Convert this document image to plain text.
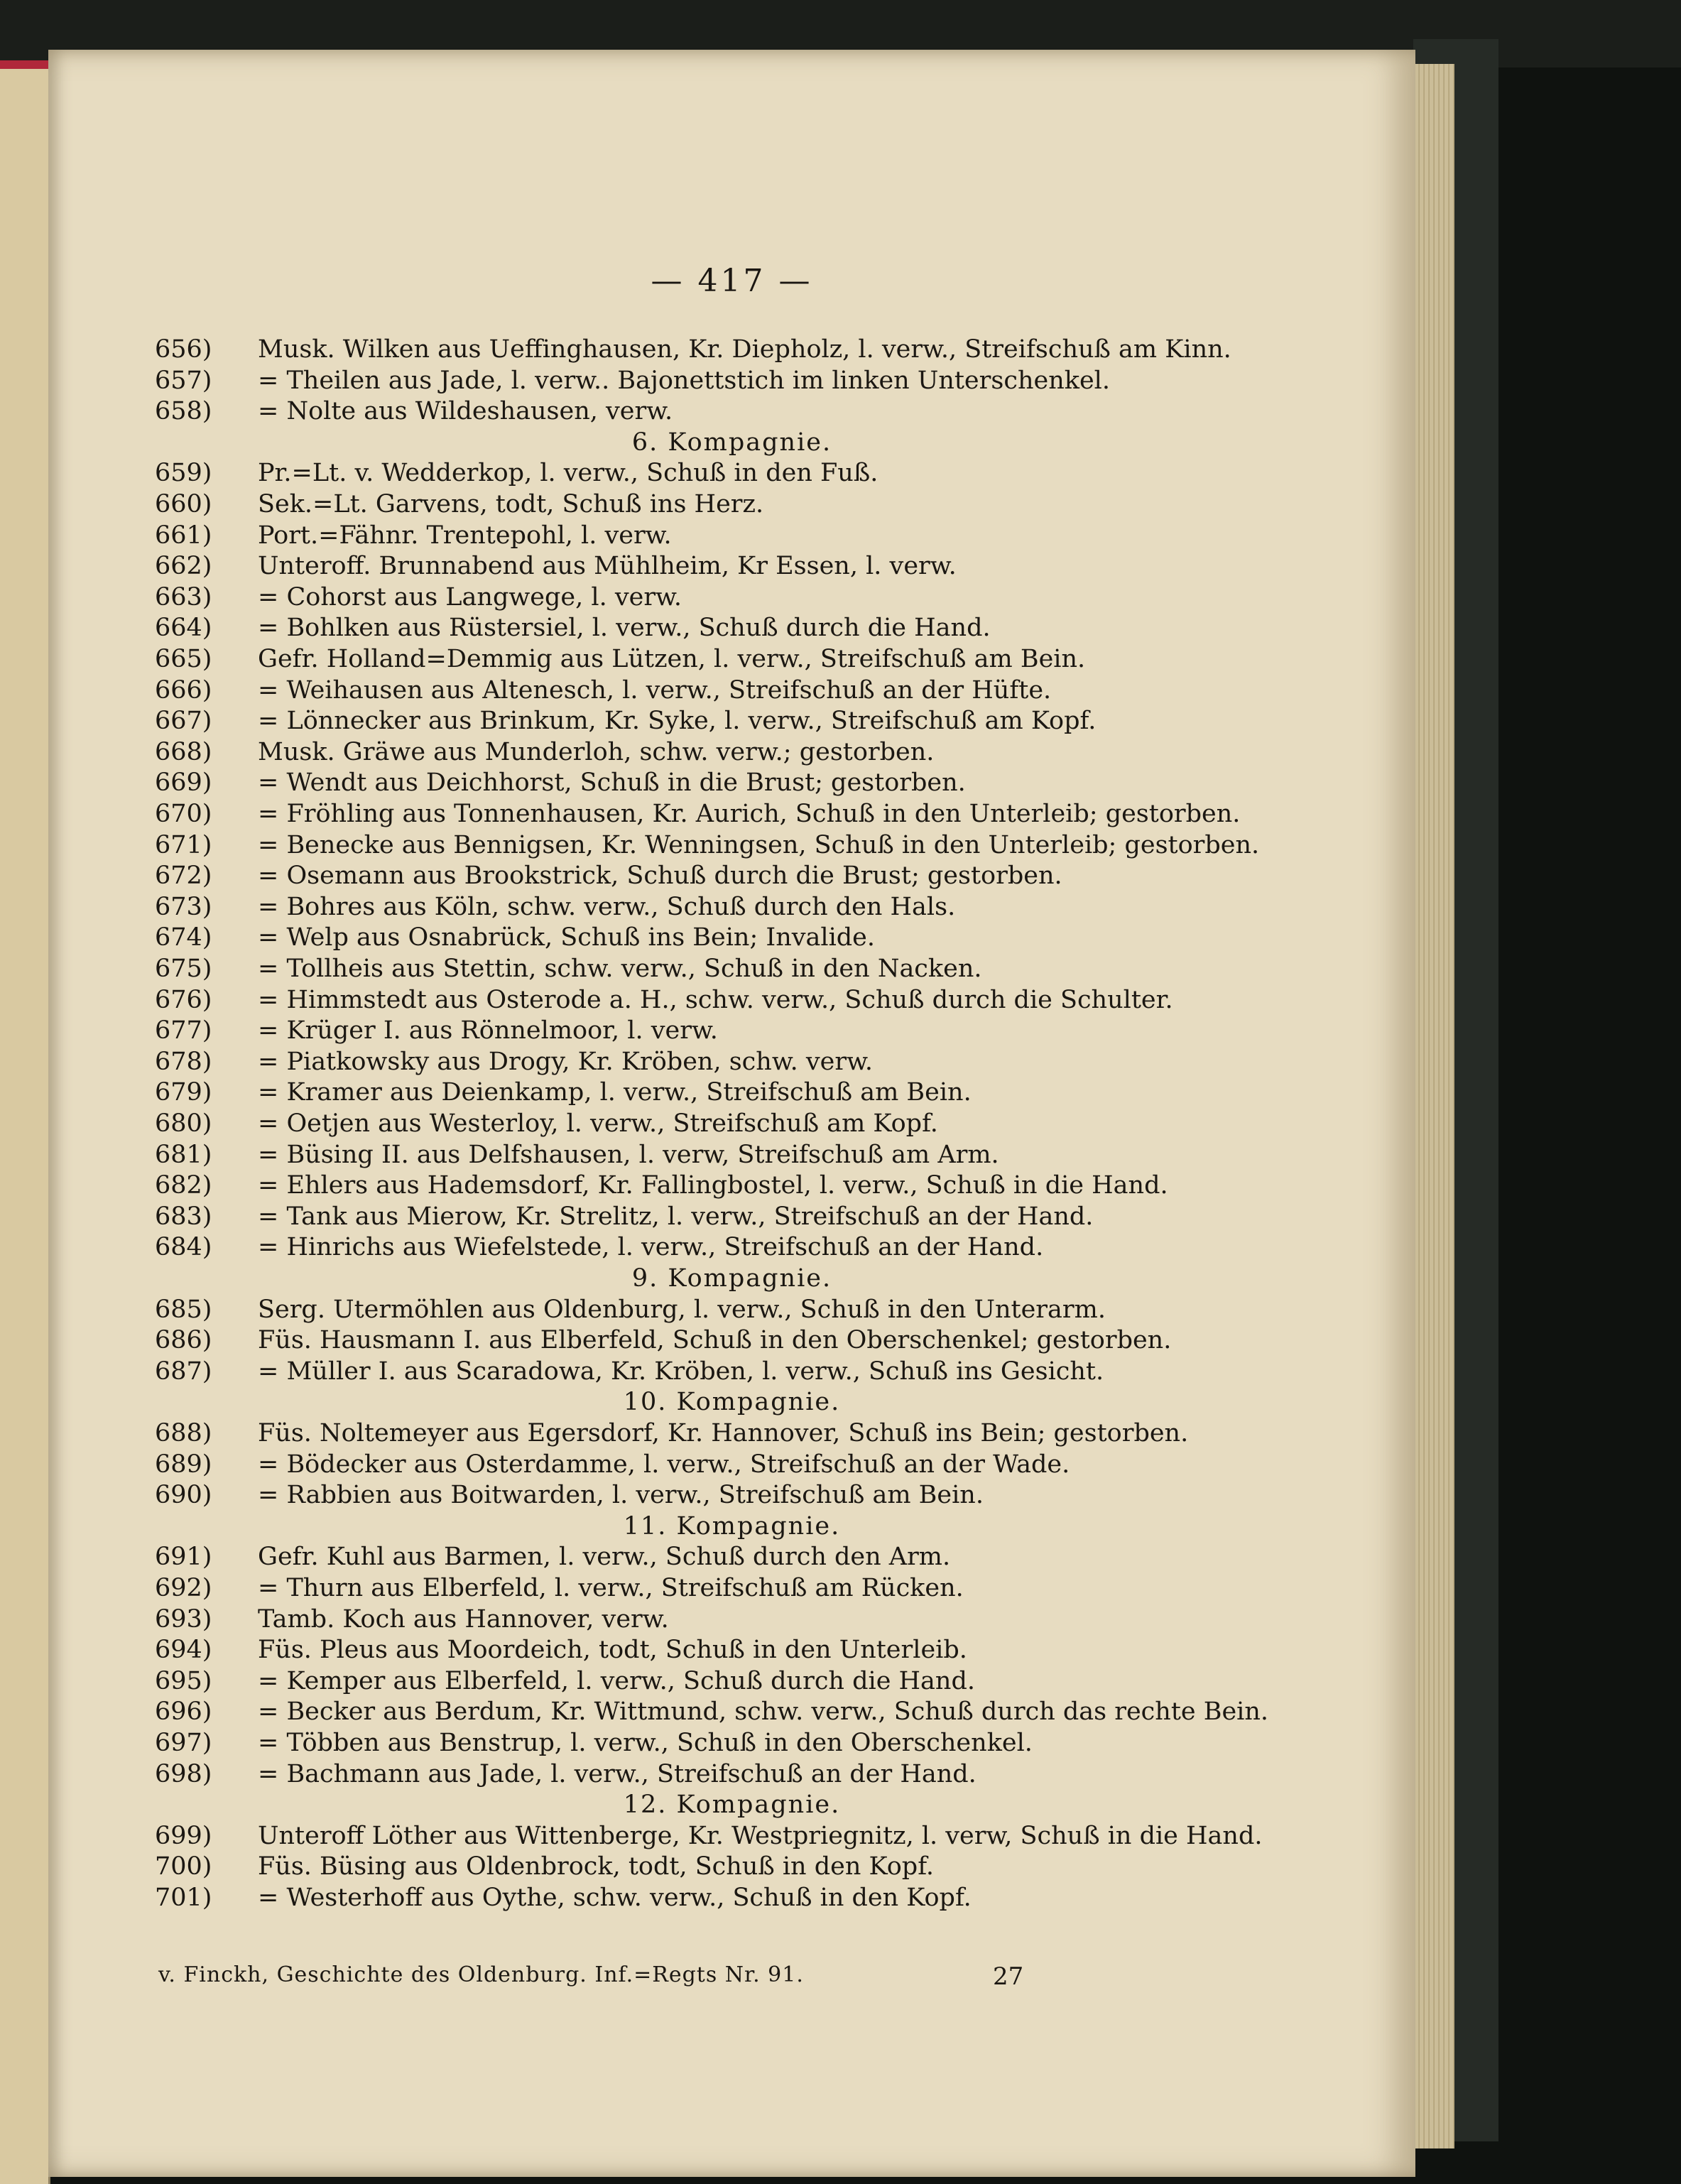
— 417 —
656)	Musk. Wilken aus Ueffinghausen, Kr. Diepholz, l. verw., Streifschuß am Kinn.
657)	= Theilen aus Jade, l. verw.. Bajonettstich im linken Unterschenkel.
658)	= Nolte aus Wildeshausen, verw.
6. Kompagnie.
659)	Pr.=Lt. v. Wedderkop, l. verw., Schuß in den Fuß.
660)	Sek.=Lt. Garvens, todt, Schuß ins Herz.
661)	Port.=Fähnr. Trentepohl, l. verw.
662)	Unteroff. Brunnabend aus Mühlheim, Kr Essen, l. verw.
663)	= Cohorst aus Langwege, l. verw.
664)	= Bohlken aus Rüstersiel, l. verw., Schuß durch die Hand.
665)	Gefr. Holland=Demmig aus Lützen, l. verw., Streifschuß am Bein.
666)	= Weihausen aus Altenesch, l. verw., Streifschuß an der Hüfte.
667)	= Lönnecker aus Brinkum, Kr. Syke, l. verw., Streifschuß am Kopf.
668)	Musk. Gräwe aus Munderloh, schw. verw.; gestorben.
669)	= Wendt aus Deichhorst, Schuß in die Brust; gestorben.
670)	= Fröhling aus Tonnenhausen, Kr. Aurich, Schuß in den Unterleib; gestorben.
671)	= Benecke aus Bennigsen, Kr. Wenningsen, Schuß in den Unterleib; gestorben.
672)	= Osemann aus Brookstrick, Schuß durch die Brust; gestorben.
673)	= Bohres aus Köln, schw. verw., Schuß durch den Hals.
674)	= Welp aus Osnabrück, Schuß ins Bein; Invalide.
675)	= Tollheis aus Stettin, schw. verw., Schuß in den Nacken.
676)	= Himmstedt aus Osterode a. H., schw. verw., Schuß durch die Schulter.
677)	= Krüger I. aus Rönnelmoor, l. verw.
678)	= Piatkowsky aus Drogy, Kr. Kröben, schw. verw.
679)	= Kramer aus Deienkamp, l. verw., Streifschuß am Bein.
680)	= Oetjen aus Westerloy, l. verw., Streifschuß am Kopf.
681)	= Büsing II. aus Delfshausen, l. verw, Streifschuß am Arm.
682)	= Ehlers aus Hademsdorf, Kr. Fallingbostel, l. verw., Schuß in die Hand.
683)	= Tank aus Mierow, Kr. Strelitz, l. verw., Streifschuß an der Hand.
684)	= Hinrichs aus Wiefelstede, l. verw., Streifschuß an der Hand.
9. Kompagnie.
685)	Serg. Utermöhlen aus Oldenburg, l. verw., Schuß in den Unterarm.
686)	Füs. Hausmann I. aus Elberfeld, Schuß in den Oberschenkel; gestorben.
687)	= Müller I. aus Scaradowa, Kr. Kröben, l. verw., Schuß ins Gesicht.
10. Kompagnie.
688)	Füs. Noltemeyer aus Egersdorf, Kr. Hannover, Schuß ins Bein; gestorben.
689)	= Bödecker aus Osterdamme, l. verw., Streifschuß an der Wade.
690)	= Rabbien aus Boitwarden, l. verw., Streifschuß am Bein.
11. Kompagnie.
691)	Gefr. Kuhl aus Barmen, l. verw., Schuß durch den Arm.
692)	= Thurn aus Elberfeld, l. verw., Streifschuß am Rücken.
693)	Tamb. Koch aus Hannover, verw.
694)	Füs. Pleus aus Moordeich, todt, Schuß in den Unterleib.
695)	= Kemper aus Elberfeld, l. verw., Schuß durch die Hand.
696)	= Becker aus Berdum, Kr. Wittmund, schw. verw., Schuß durch das rechte Bein.
697)	= Többen aus Benstrup, l. verw., Schuß in den Oberschenkel.
698)	= Bachmann aus Jade, l. verw., Streifschuß an der Hand.
12. Kompagnie.
699)	Unteroff Löther aus Wittenberge, Kr. Westpriegnitz, l. verw, Schuß in die Hand.
700)	Füs. Büsing aus Oldenbrock, todt, Schuß in den Kopf.
701)	= Westerhoff aus Oythe, schw. verw., Schuß in den Kopf.
v. Finckh, Geschichte des Oldenburg. Inf.=Regts Nr. 91.	27
